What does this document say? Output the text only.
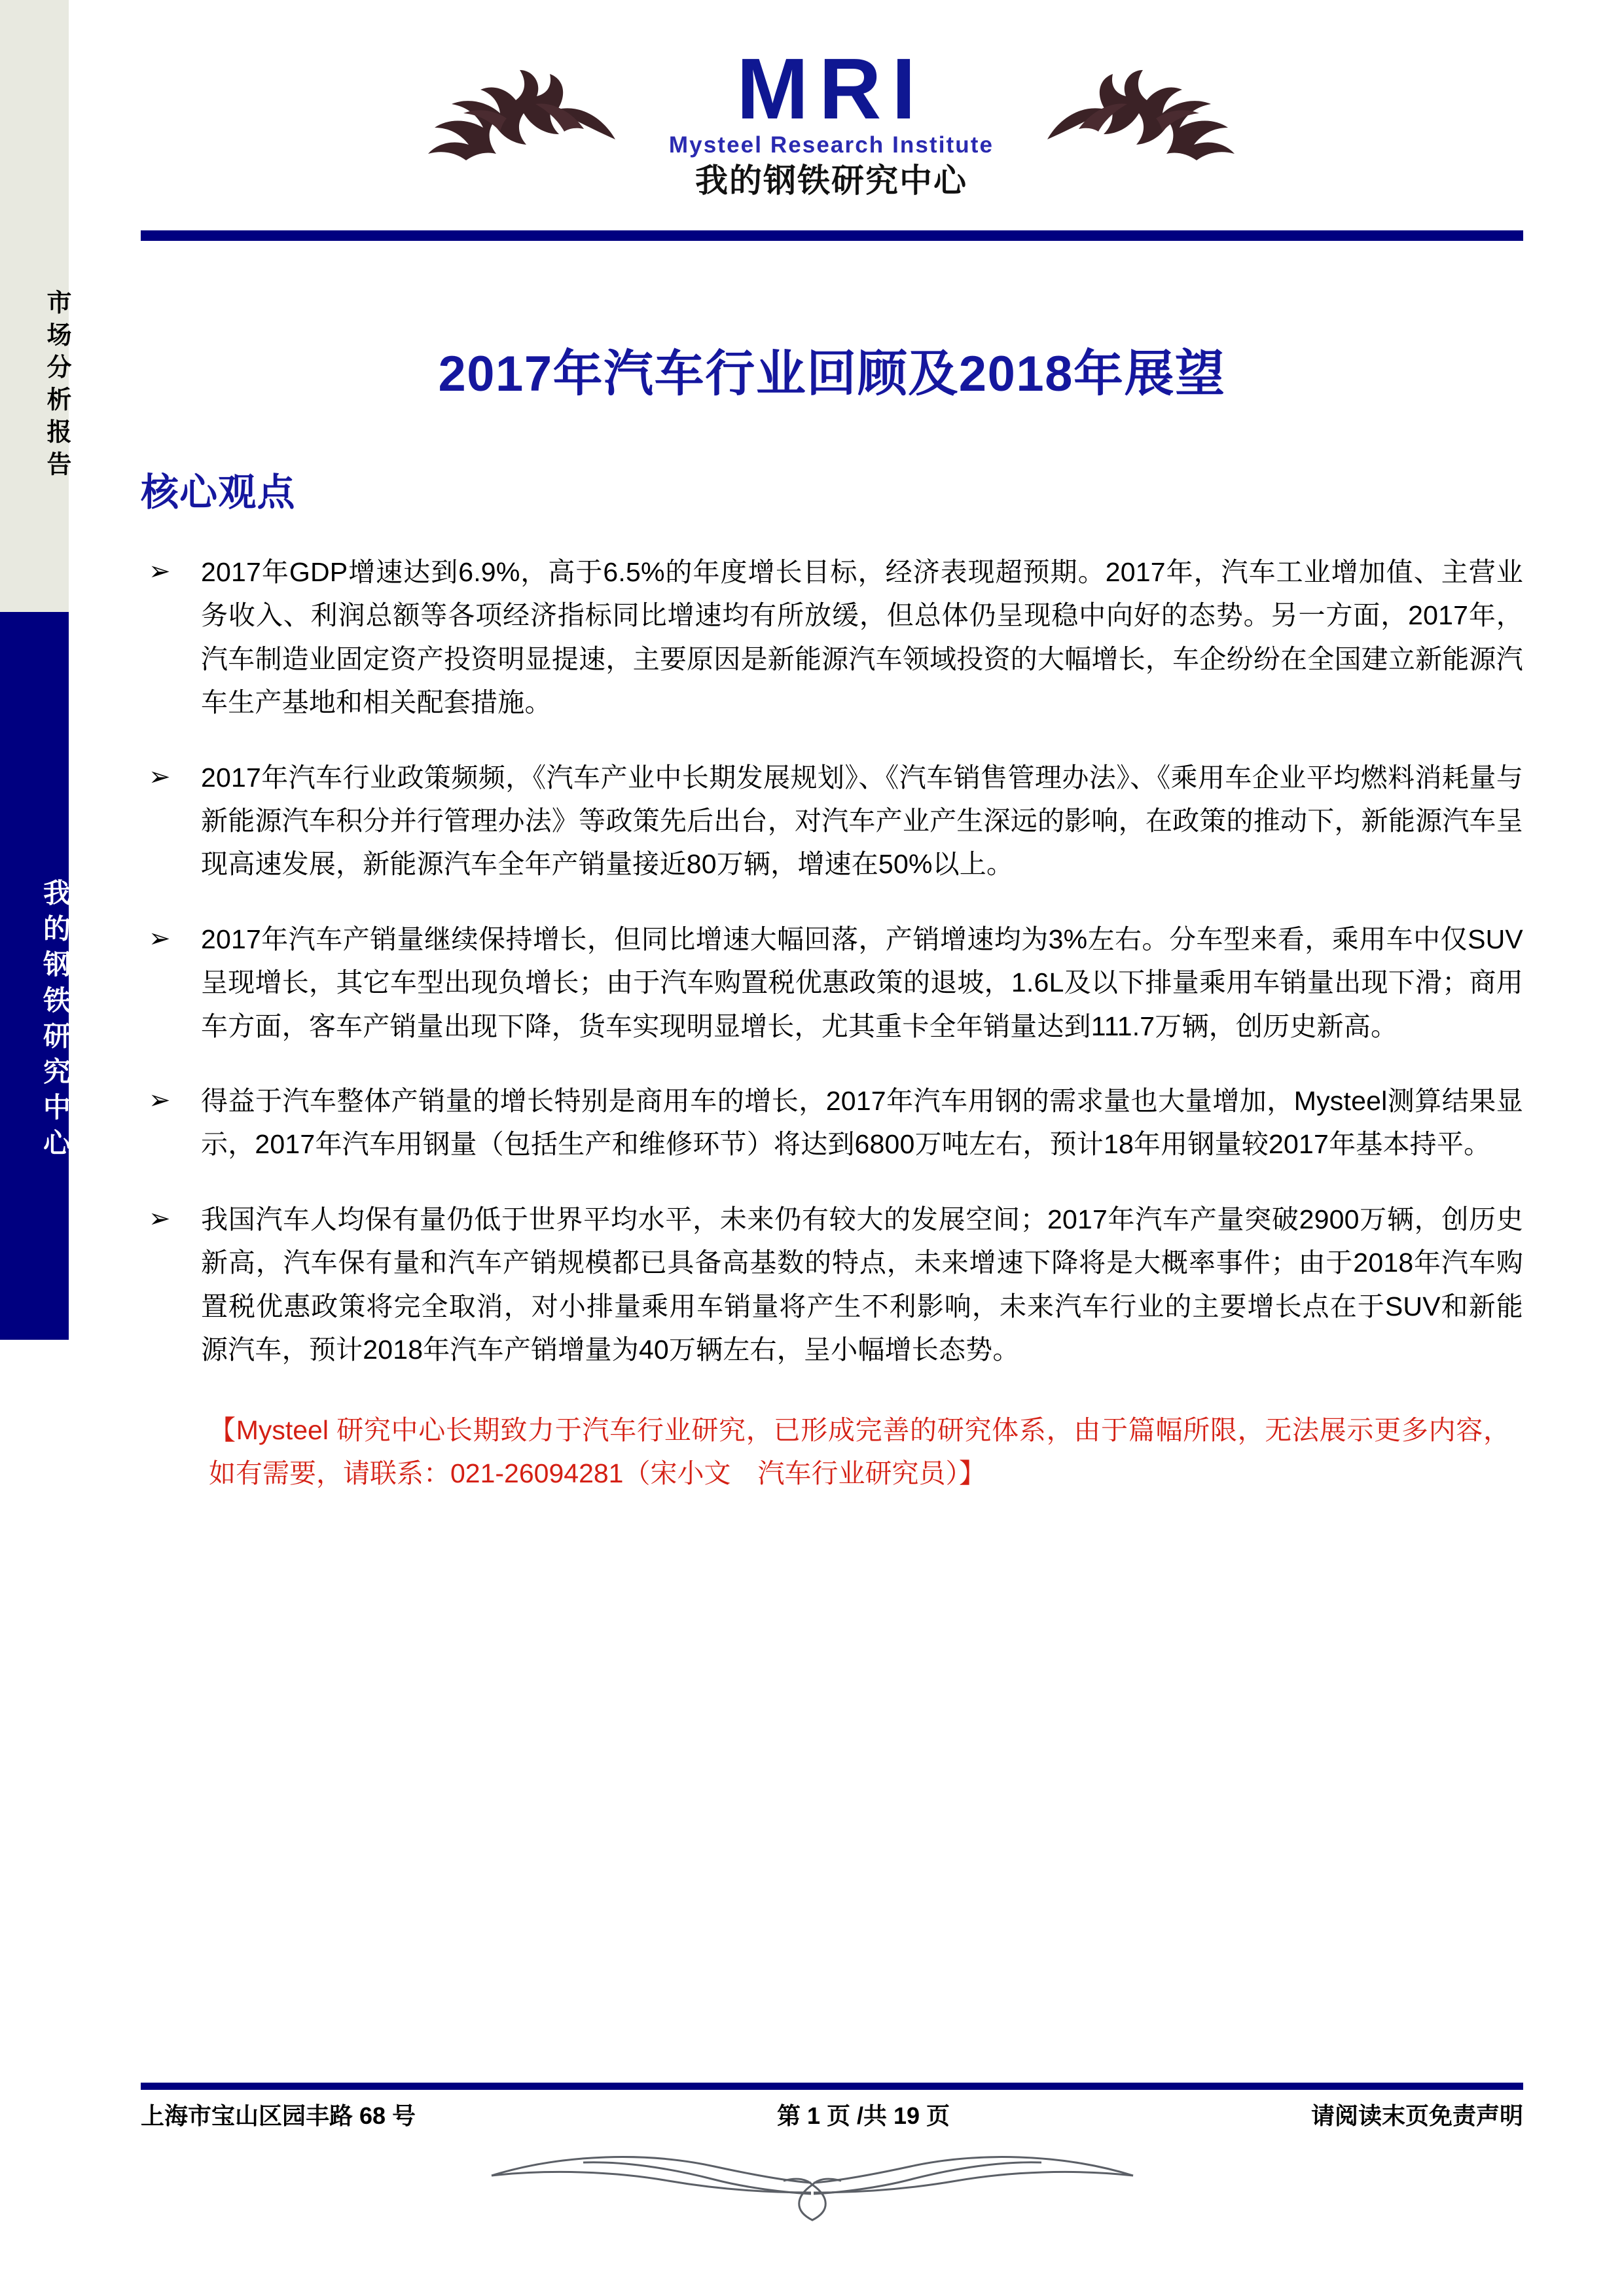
市场分析报告
我的钢铁研究中心
MRI
Mysteel Research Institute
我的钢铁研究中心
2017年汽车行业回顾及2018年展望
核心观点
➢	2017年GDP增速达到6.9%，高于6.5%的年度增长目标，经济表现超预期。2017年，汽车工业增加值、主营业务收入、利润总额等各项经济指标同比增速均有所放缓，但总体仍呈现稳中向好的态势。另一方面，2017年，汽车制造业固定资产投资明显提速，主要原因是新能源汽车领域投资的大幅增长，车企纷纷在全国建立新能源汽车生产基地和相关配套措施。
➢	2017年汽车行业政策频频，《汽车产业中长期发展规划》、《汽车销售管理办法》、《乘用车企业平均燃料消耗量与新能源汽车积分并行管理办法》等政策先后出台，对汽车产业产生深远的影响，在政策的推动下，新能源汽车呈现高速发展，新能源汽车全年产销量接近80万辆，增速在50%以上。
➢	2017年汽车产销量继续保持增长，但同比增速大幅回落，产销增速均为3%左右。分车型来看，乘用车中仅SUV呈现增长，其它车型出现负增长；由于汽车购置税优惠政策的退坡，1.6L及以下排量乘用车销量出现下滑；商用车方面，客车产销量出现下降，货车实现明显增长，尤其重卡全年销量达到111.7万辆，创历史新高。
➢	得益于汽车整体产销量的增长特别是商用车的增长，2017年汽车用钢的需求量也大量增加，Mysteel测算结果显示，2017年汽车用钢量（包括生产和维修环节）将达到6800万吨左右，预计18年用钢量较2017年基本持平。
➢	我国汽车人均保有量仍低于世界平均水平，未来仍有较大的发展空间；2017年汽车产量突破2900万辆，创历史新高，汽车保有量和汽车产销规模都已具备高基数的特点，未来增速下降将是大概率事件；由于2018年汽车购置税优惠政策将完全取消，对小排量乘用车销量将产生不利影响，未来汽车行业的主要增长点在于SUV和新能源汽车，预计2018年汽车产销增量为40万辆左右，呈小幅增长态势。
【Mysteel 研究中心长期致力于汽车行业研究，已形成完善的研究体系，由于篇幅所限，无法展示更多内容，如有需要，请联系：021-26094281（宋小文　汽车行业研究员）】
上海市宝山区园丰路 68 号	第 1 页 /共 19 页	请阅读末页免责声明
